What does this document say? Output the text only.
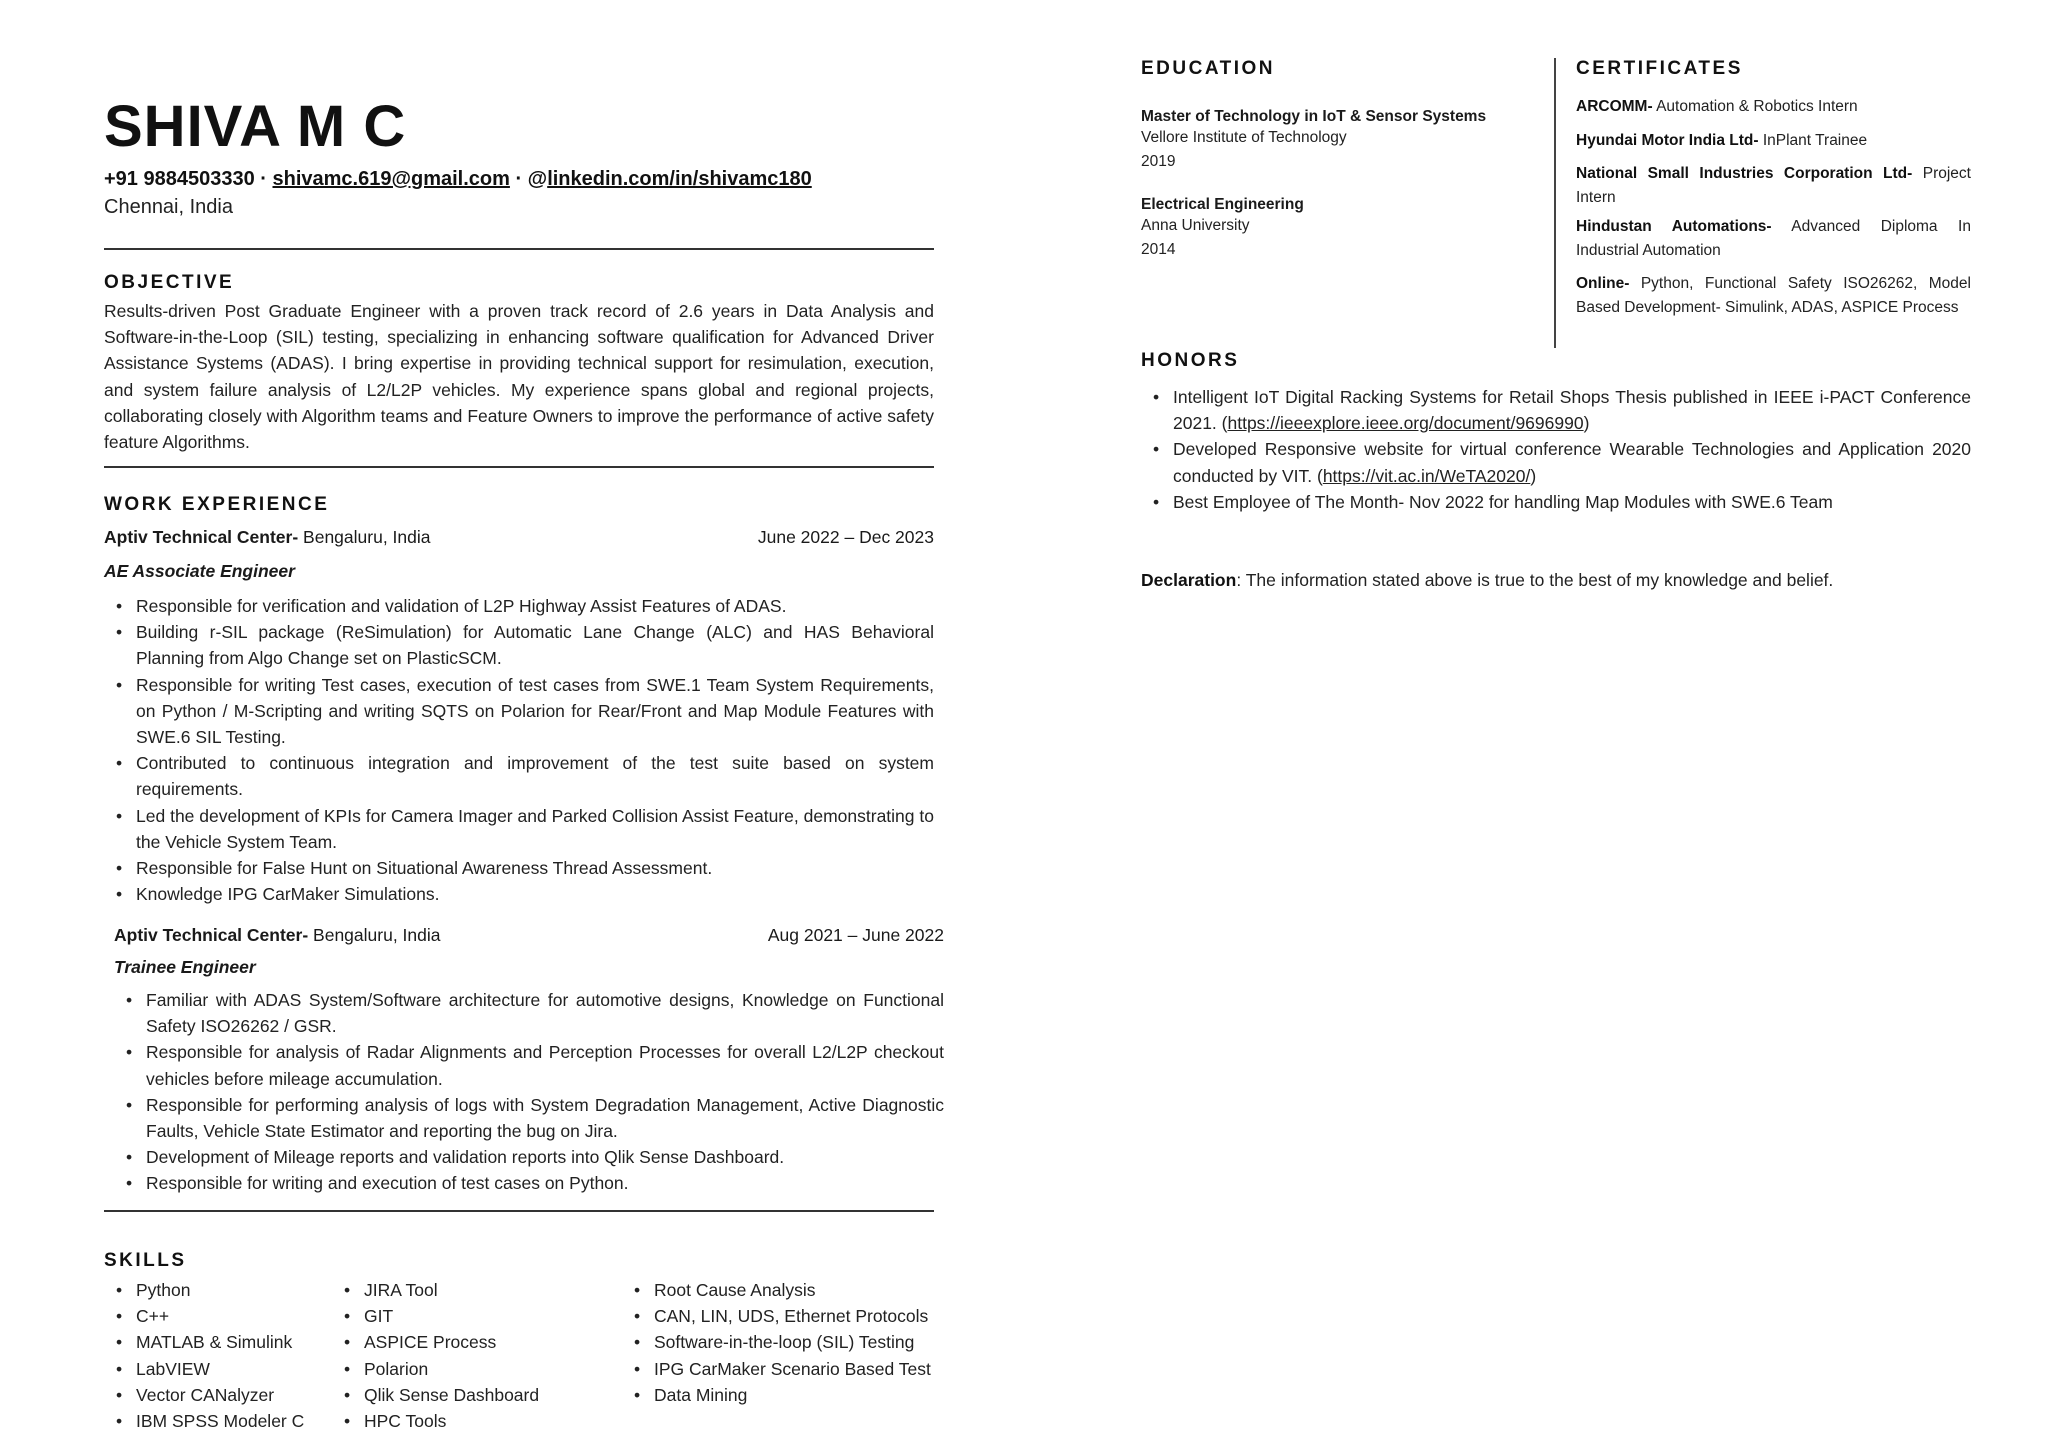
SHIVA M C
+91 9884503330 · shivamc.619@gmail.com · @linkedin.com/in/shivamc180
Chennai, India
OBJECTIVE
Results-driven Post Graduate Engineer with a proven track record of 2.6 years in Data Analysis and Software-in-the-Loop (SIL) testing, specializing in enhancing software qualification for Advanced Driver Assistance Systems (ADAS). I bring expertise in providing technical support for resimulation, execution, and system failure analysis of L2/L2P vehicles. My experience spans global and regional projects, collaborating closely with Algorithm teams and Feature Owners to improve the performance of active safety feature Algorithms.
WORK EXPERIENCE
Aptiv Technical Center- Bengaluru, India	June 2022 – Dec 2023
AE Associate Engineer
• Responsible for verification and validation of L2P Highway Assist Features of ADAS.
• Building r-SIL package (ReSimulation) for Automatic Lane Change (ALC) and HAS Behavioral Planning from Algo Change set on PlasticSCM.
• Responsible for writing Test cases, execution of test cases from SWE.1 Team System Requirements, on Python / M-Scripting and writing SQTS on Polarion for Rear/Front and Map Module Features with SWE.6 SIL Testing.
• Contributed to continuous integration and improvement of the test suite based on system requirements.
• Led the development of KPIs for Camera Imager and Parked Collision Assist Feature, demonstrating to the Vehicle System Team.
• Responsible for False Hunt on Situational Awareness Thread Assessment.
• Knowledge IPG CarMaker Simulations.
Aptiv Technical Center- Bengaluru, India	Aug 2021 – June 2022
Trainee Engineer
• Familiar with ADAS System/Software architecture for automotive designs, Knowledge on Functional Safety ISO26262 / GSR.
• Responsible for analysis of Radar Alignments and Perception Processes for overall L2/L2P checkout vehicles before mileage accumulation.
• Responsible for performing analysis of logs with System Degradation Management, Active Diagnostic Faults, Vehicle State Estimator and reporting the bug on Jira.
• Development of Mileage reports and validation reports into Qlik Sense Dashboard.
• Responsible for writing and execution of test cases on Python.
SKILLS
• Python
• C++
• MATLAB & Simulink
• LabVIEW
• Vector CANalyzer
• IBM SPSS Modeler C
• JIRA Tool
• GIT
• ASPICE Process
• Polarion
• Qlik Sense Dashboard
• HPC Tools
• Root Cause Analysis
• CAN, LIN, UDS, Ethernet Protocols
• Software-in-the-loop (SIL) Testing
• IPG CarMaker Scenario Based Test
• Data Mining
EDUCATION
Master of Technology in IoT & Sensor Systems
Vellore Institute of Technology
2019
Electrical Engineering
Anna University
2014
CERTIFICATES
ARCOMM- Automation & Robotics Intern
Hyundai Motor India Ltd- InPlant Trainee
National Small Industries Corporation Ltd- Project Intern
Hindustan Automations- Advanced Diploma In Industrial Automation
Online- Python, Functional Safety ISO26262, Model Based Development- Simulink, ADAS, ASPICE Process
HONORS
• Intelligent IoT Digital Racking Systems for Retail Shops Thesis published in IEEE i-PACT Conference 2021. (https://ieeexplore.ieee.org/document/9696990)
• Developed Responsive website for virtual conference Wearable Technologies and Application 2020 conducted by VIT. (https://vit.ac.in/WeTA2020/)
• Best Employee of The Month- Nov 2022 for handling Map Modules with SWE.6 Team
Declaration: The information stated above is true to the best of my knowledge and belief.
